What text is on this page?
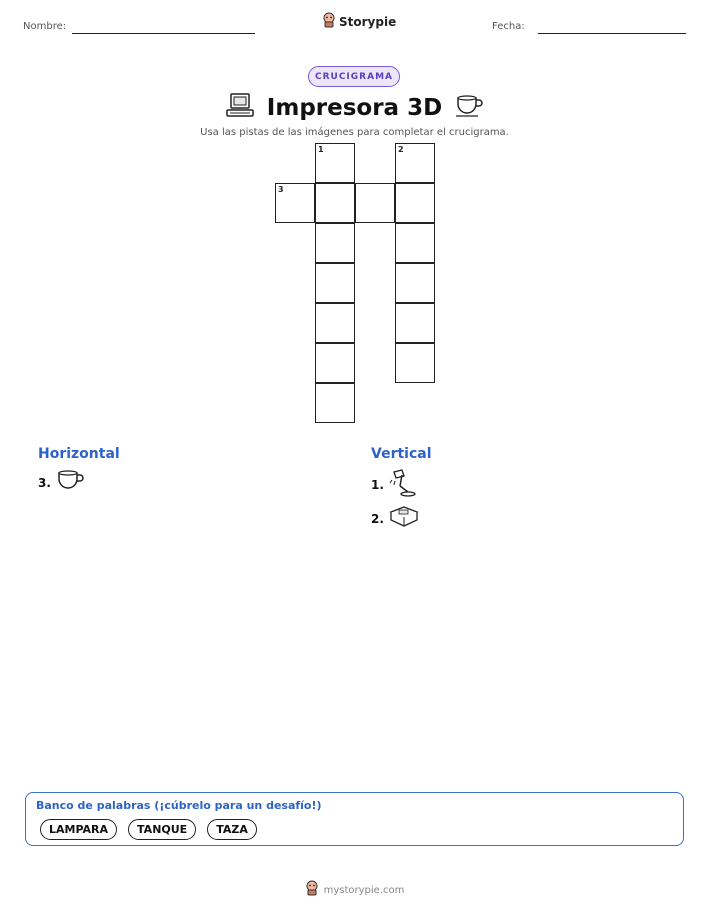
Nombre:	Storypie	Fecha:
CRUCIGRAMA
Impresora 3D
Usa las pistas de las imágenes para completar el crucigrama.
1	2
3
Horizontal
3.
Vertical
1.
2.
Banco de palabras (¡cúbrelo para un desafío!)
LAMPARA	TANQUE	TAZA
mystorypie.com
